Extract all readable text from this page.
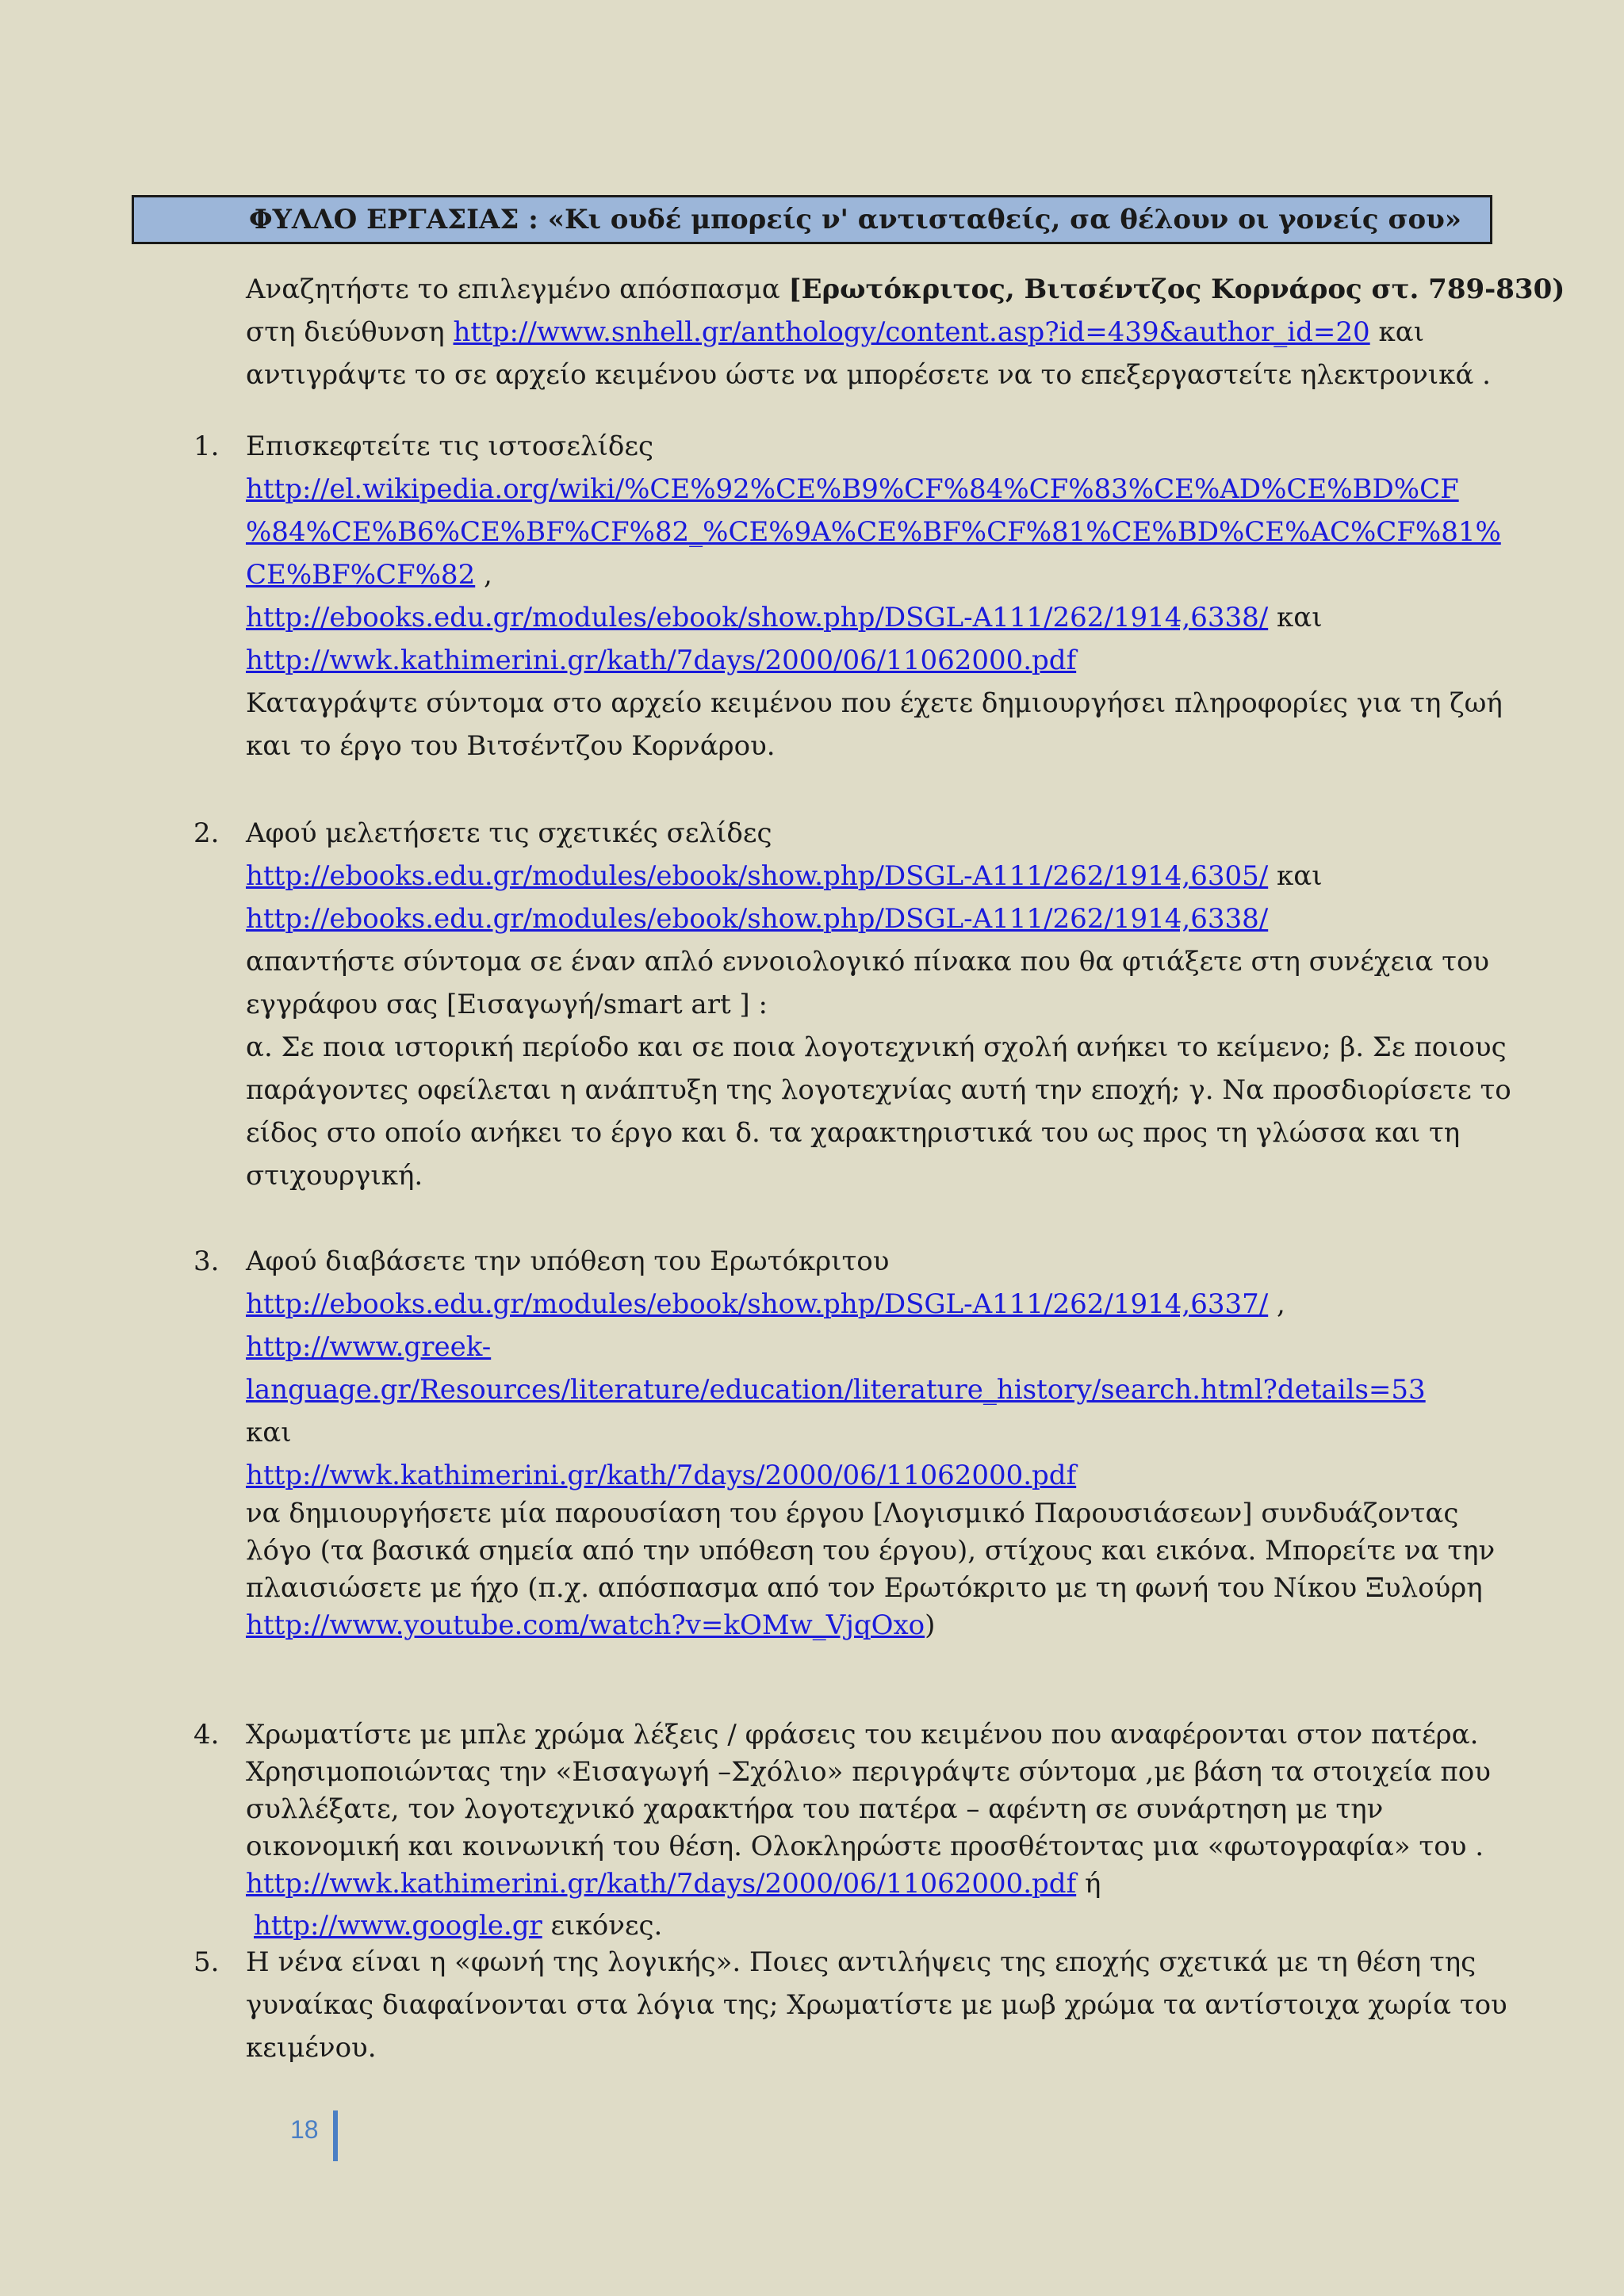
ΦΥΛΛΟ ΕΡΓΑΣΙΑΣ : «Κι ουδέ μπορείς ν' αντισταθείς, σα θέλουν οι γονείς σου»

Αναζητήστε το επιλεγμένο απόσπασμα [Ερωτόκριτος, Βιτσέντζος Κορνάρος στ. 789-830)

στη διεύθυνση http://www.snhell.gr/anthology/content.asp?id=439&author_id=20 και

αντιγράψτε το σε αρχείο κειμένου ώστε να μπορέσετε να το επεξεργαστείτε ηλεκτρονικά .

1. Επισκεφτείτε τις ιστοσελίδες

http://el.wikipedia.org/wiki/%CE%92%CE%B9%CF%84%CF%83%CE%AD%CE%BD%CF

%84%CE%B6%CE%BF%CF%82_%CE%9A%CE%BF%CF%81%CE%BD%CE%AC%CF%81%

CE%BF%CF%82 ,

http://ebooks.edu.gr/modules/ebook/show.php/DSGL-A111/262/1914,6338/ και

http://wwk.kathimerini.gr/kath/7days/2000/06/11062000.pdf

Καταγράψτε σύντομα στο αρχείο κειμένου που έχετε δημιουργήσει πληροφορίες για τη ζωή

και το έργο του Βιτσέντζου Κορνάρου.

2. Αφού μελετήσετε τις σχετικές σελίδες

http://ebooks.edu.gr/modules/ebook/show.php/DSGL-A111/262/1914,6305/ και

http://ebooks.edu.gr/modules/ebook/show.php/DSGL-A111/262/1914,6338/

απαντήστε σύντομα σε έναν απλό εννοιολογικό πίνακα που θα φτιάξετε στη συνέχεια του

εγγράφου σας [Εισαγωγή/smart art ] :

α. Σε ποια ιστορική περίοδο και σε ποια λογοτεχνική σχολή ανήκει το κείμενο; β. Σε ποιους

παράγοντες οφείλεται η ανάπτυξη της λογοτεχνίας αυτή την εποχή; γ. Να προσδιορίσετε το

είδος στο οποίο ανήκει το έργο και δ. τα χαρακτηριστικά του ως προς τη γλώσσα και τη

στιχουργική.

3. Αφού διαβάσετε την υπόθεση του Ερωτόκριτου

http://ebooks.edu.gr/modules/ebook/show.php/DSGL-A111/262/1914,6337/ ,

http://www.greek-

language.gr/Resources/literature/education/literature_history/search.html?details=53

και

http://wwk.kathimerini.gr/kath/7days/2000/06/11062000.pdf

να δημιουργήσετε μία παρουσίαση του έργου [Λογισμικό Παρουσιάσεων] συνδυάζοντας

λόγο (τα βασικά σημεία από την υπόθεση του έργου), στίχους και εικόνα. Μπορείτε να την

πλαισιώσετε με ήχο (π.χ. απόσπασμα από τον Ερωτόκριτο με τη φωνή του Νίκου Ξυλούρη

http://www.youtube.com/watch?v=kOMw_VjqOxo)

4. Χρωματίστε με μπλε χρώμα λέξεις / φράσεις του κειμένου που αναφέρονται στον πατέρα.

Χρησιμοποιώντας την «Εισαγωγή –Σχόλιο» περιγράψτε σύντομα ,με βάση τα στοιχεία που

συλλέξατε, τον λογοτεχνικό χαρακτήρα του πατέρα – αφέντη σε συνάρτηση με την

οικονομική και κοινωνική του θέση. Ολοκληρώστε προσθέτοντας μια «φωτογραφία» του .

http://wwk.kathimerini.gr/kath/7days/2000/06/11062000.pdf ή

http://www.google.gr εικόνες.

5. Η νένα είναι η «φωνή της λογικής». Ποιες αντιλήψεις της εποχής σχετικά με τη θέση της

γυναίκας διαφαίνονται στα λόγια της; Χρωματίστε με μωβ χρώμα τα αντίστοιχα χωρία του

κειμένου.

18
